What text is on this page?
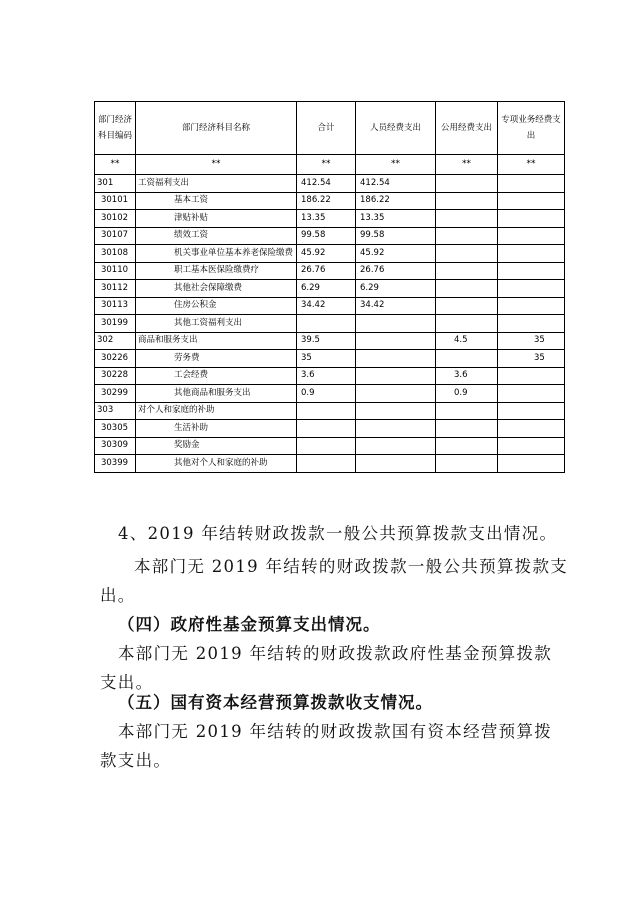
部门经济科目编码	部门经济科目名称	合计	人员经费支出	公用经费支出	专项业务经费支出
**	**	**	**	**	**
301	工资福利支出	412.54	412.54		
30101	基本工资	186.22	186.22		
30102	津贴补贴	13.35	13.35		
30107	绩效工资	99.58	99.58		
30108	机关事业单位基本养老保险缴费	45.92	45.92		
30110	职工基本医保险缴费疗	26.76	26.76		
30112	其他社会保障缴费	6.29	6.29		
30113	住房公积金	34.42	34.42		
30199	其他工资福利支出				
302	商品和服务支出	39.5		4.5	35
30226	劳务费	35			35
30228	工会经费	3.6		3.6	
30299	其他商品和服务支出	0.9		0.9	
303	对个人和家庭的补助				
30305	生活补助				
30309	奖励金				
30399	其他对个人和家庭的补助				
4、2019 年结转财政拨款一般公共预算拨款支出情况。
本部门无 2019 年结转的财政拨款一般公共预算拨款支
出。
（四）政府性基金预算支出情况。
本部门无 2019 年结转的财政拨款政府性基金预算拨款
支出。
（五）国有资本经营预算拨款收支情况。
本部门无 2019 年结转的财政拨款国有资本经营预算拨
款支出。
